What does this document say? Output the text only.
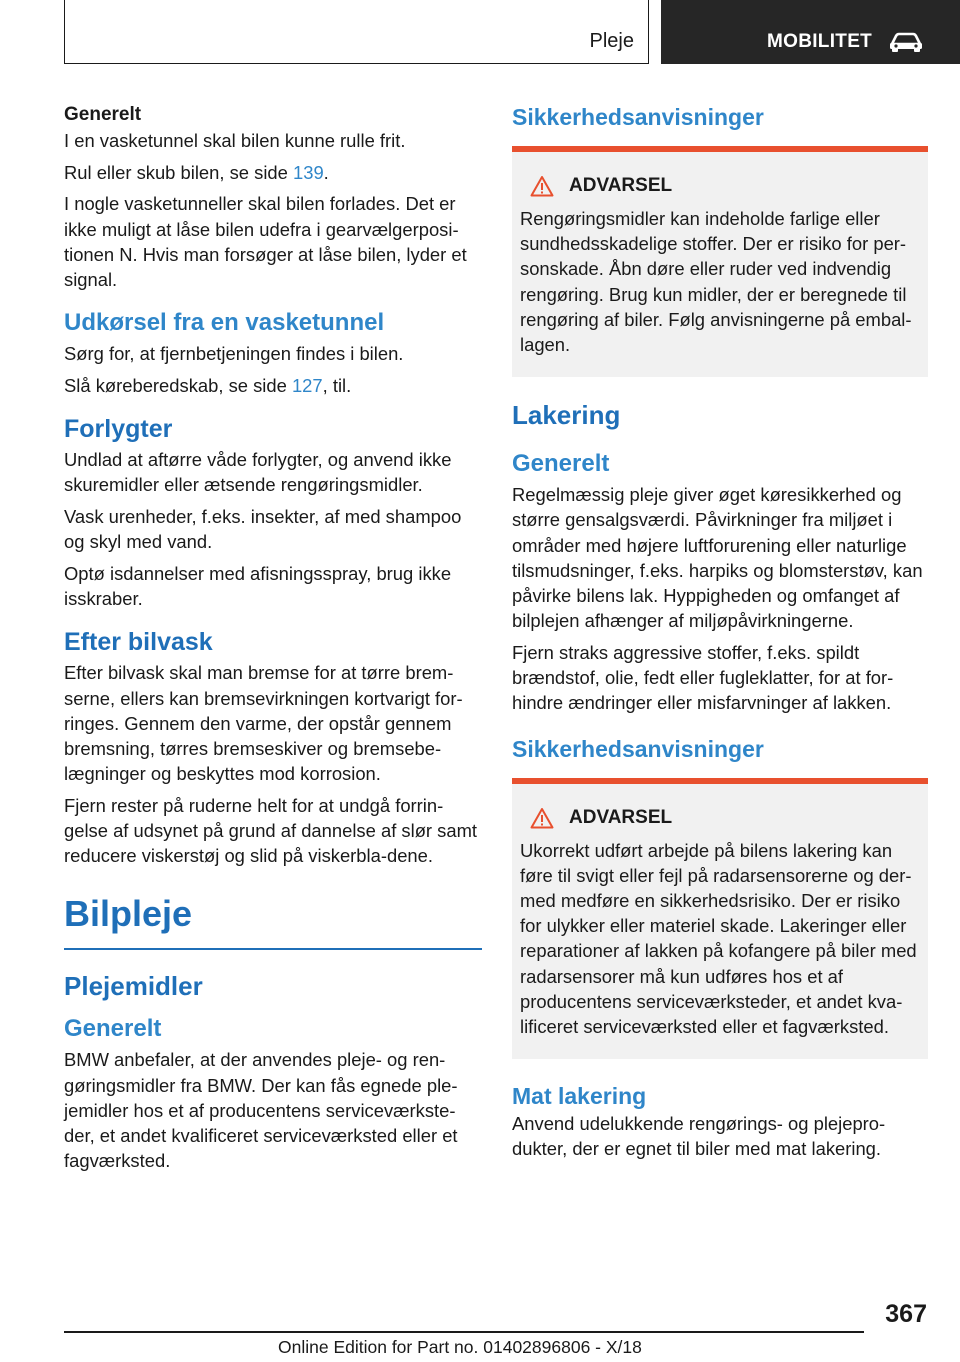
Pleje	MOBILITET
Generelt

I en vasketunnel skal bilen kunne rulle frit.

Rul eller skub bilen, se side 139.

I nogle vasketunneller skal bilen forlades. Det er ikke muligt at låse bilen udefra i gearvælgerposi-tionen N. Hvis man forsøger at låse bilen, lyder et signal.

Udkørsel fra en vasketunnel

Sørg for, at fjernbetjeningen findes i bilen.

Slå køreberedskab, se side 127, til.

Forlygter

Undlad at aftørre våde forlygter, og anvend ikke skuremidler eller ætsende rengøringsmidler.

Vask urenheder, f.eks. insekter, af med shampoo og skyl med vand.

Optø isdannelser med afisningsspray, brug ikke isskraber.

Efter bilvask

Efter bilvask skal man bremse for at tørre brem-serne, ellers kan bremsevirkningen kortvarigt for-ringes. Gennem den varme, der opstår gennem bremsning, tørres bremseskiver og bremsebe-lægninger og beskyttes mod korrosion.

Fjern rester på ruderne helt for at undgå forrin-gelse af udsynet på grund af dannelse af slør samt reducere viskerstøj og slid på viskerbla-dene.

Bilpleje
Plejemidler
Generelt

BMW anbefaler, at der anvendes pleje- og ren-gøringsmidler fra BMW. Der kan fås egnede ple-jemidler hos et af producentens serviceværkste-der, et andet kvalificeret serviceværksted eller et fagværksted.

Sikkerhedsanvisninger
ADVARSEL

Rengøringsmidler kan indeholde farlige eller sundhedsskadelige stoffer. Der er risiko for per-sonskade. Åbn døre eller ruder ved indvendig rengøring. Brug kun midler, der er beregnede til rengøring af biler. Følg anvisningerne på embal-lagen.

Lakering
Generelt

Regelmæssig pleje giver øget køresikkerhed og større gensalgsværdi. Påvirkninger fra miljøet i områder med højere luftforurening eller naturlige tilsmudsninger, f.eks. harpiks og blomsterstøv, kan påvirke bilens lak. Hyppigheden og omfanget af bilplejen afhænger af miljøpåvirkningerne.

Fjern straks aggressive stoffer, f.eks. spildt brændstof, olie, fedt eller fugleklatter, for at for-hindre ændringer eller misfarvninger af lakken.

Sikkerhedsanvisninger
ADVARSEL

Ukorrekt udført arbejde på bilens lakering kan føre til svigt eller fejl på radarsensorerne og der-med medføre en sikkerhedsrisiko. Der er risiko for ulykker eller materiel skade. Lakeringer eller reparationer af lakken på kofangere på biler med radarsensorer må kun udføres hos et af producentens serviceværksteder, et andet kva-lificeret serviceværksted eller et fagværksted.

Mat lakering

Anvend udelukkende rengørings- og plejepro-dukter, der er egnet til biler med mat lakering.

367
Online Edition for Part no. 01402896806 - X/18
